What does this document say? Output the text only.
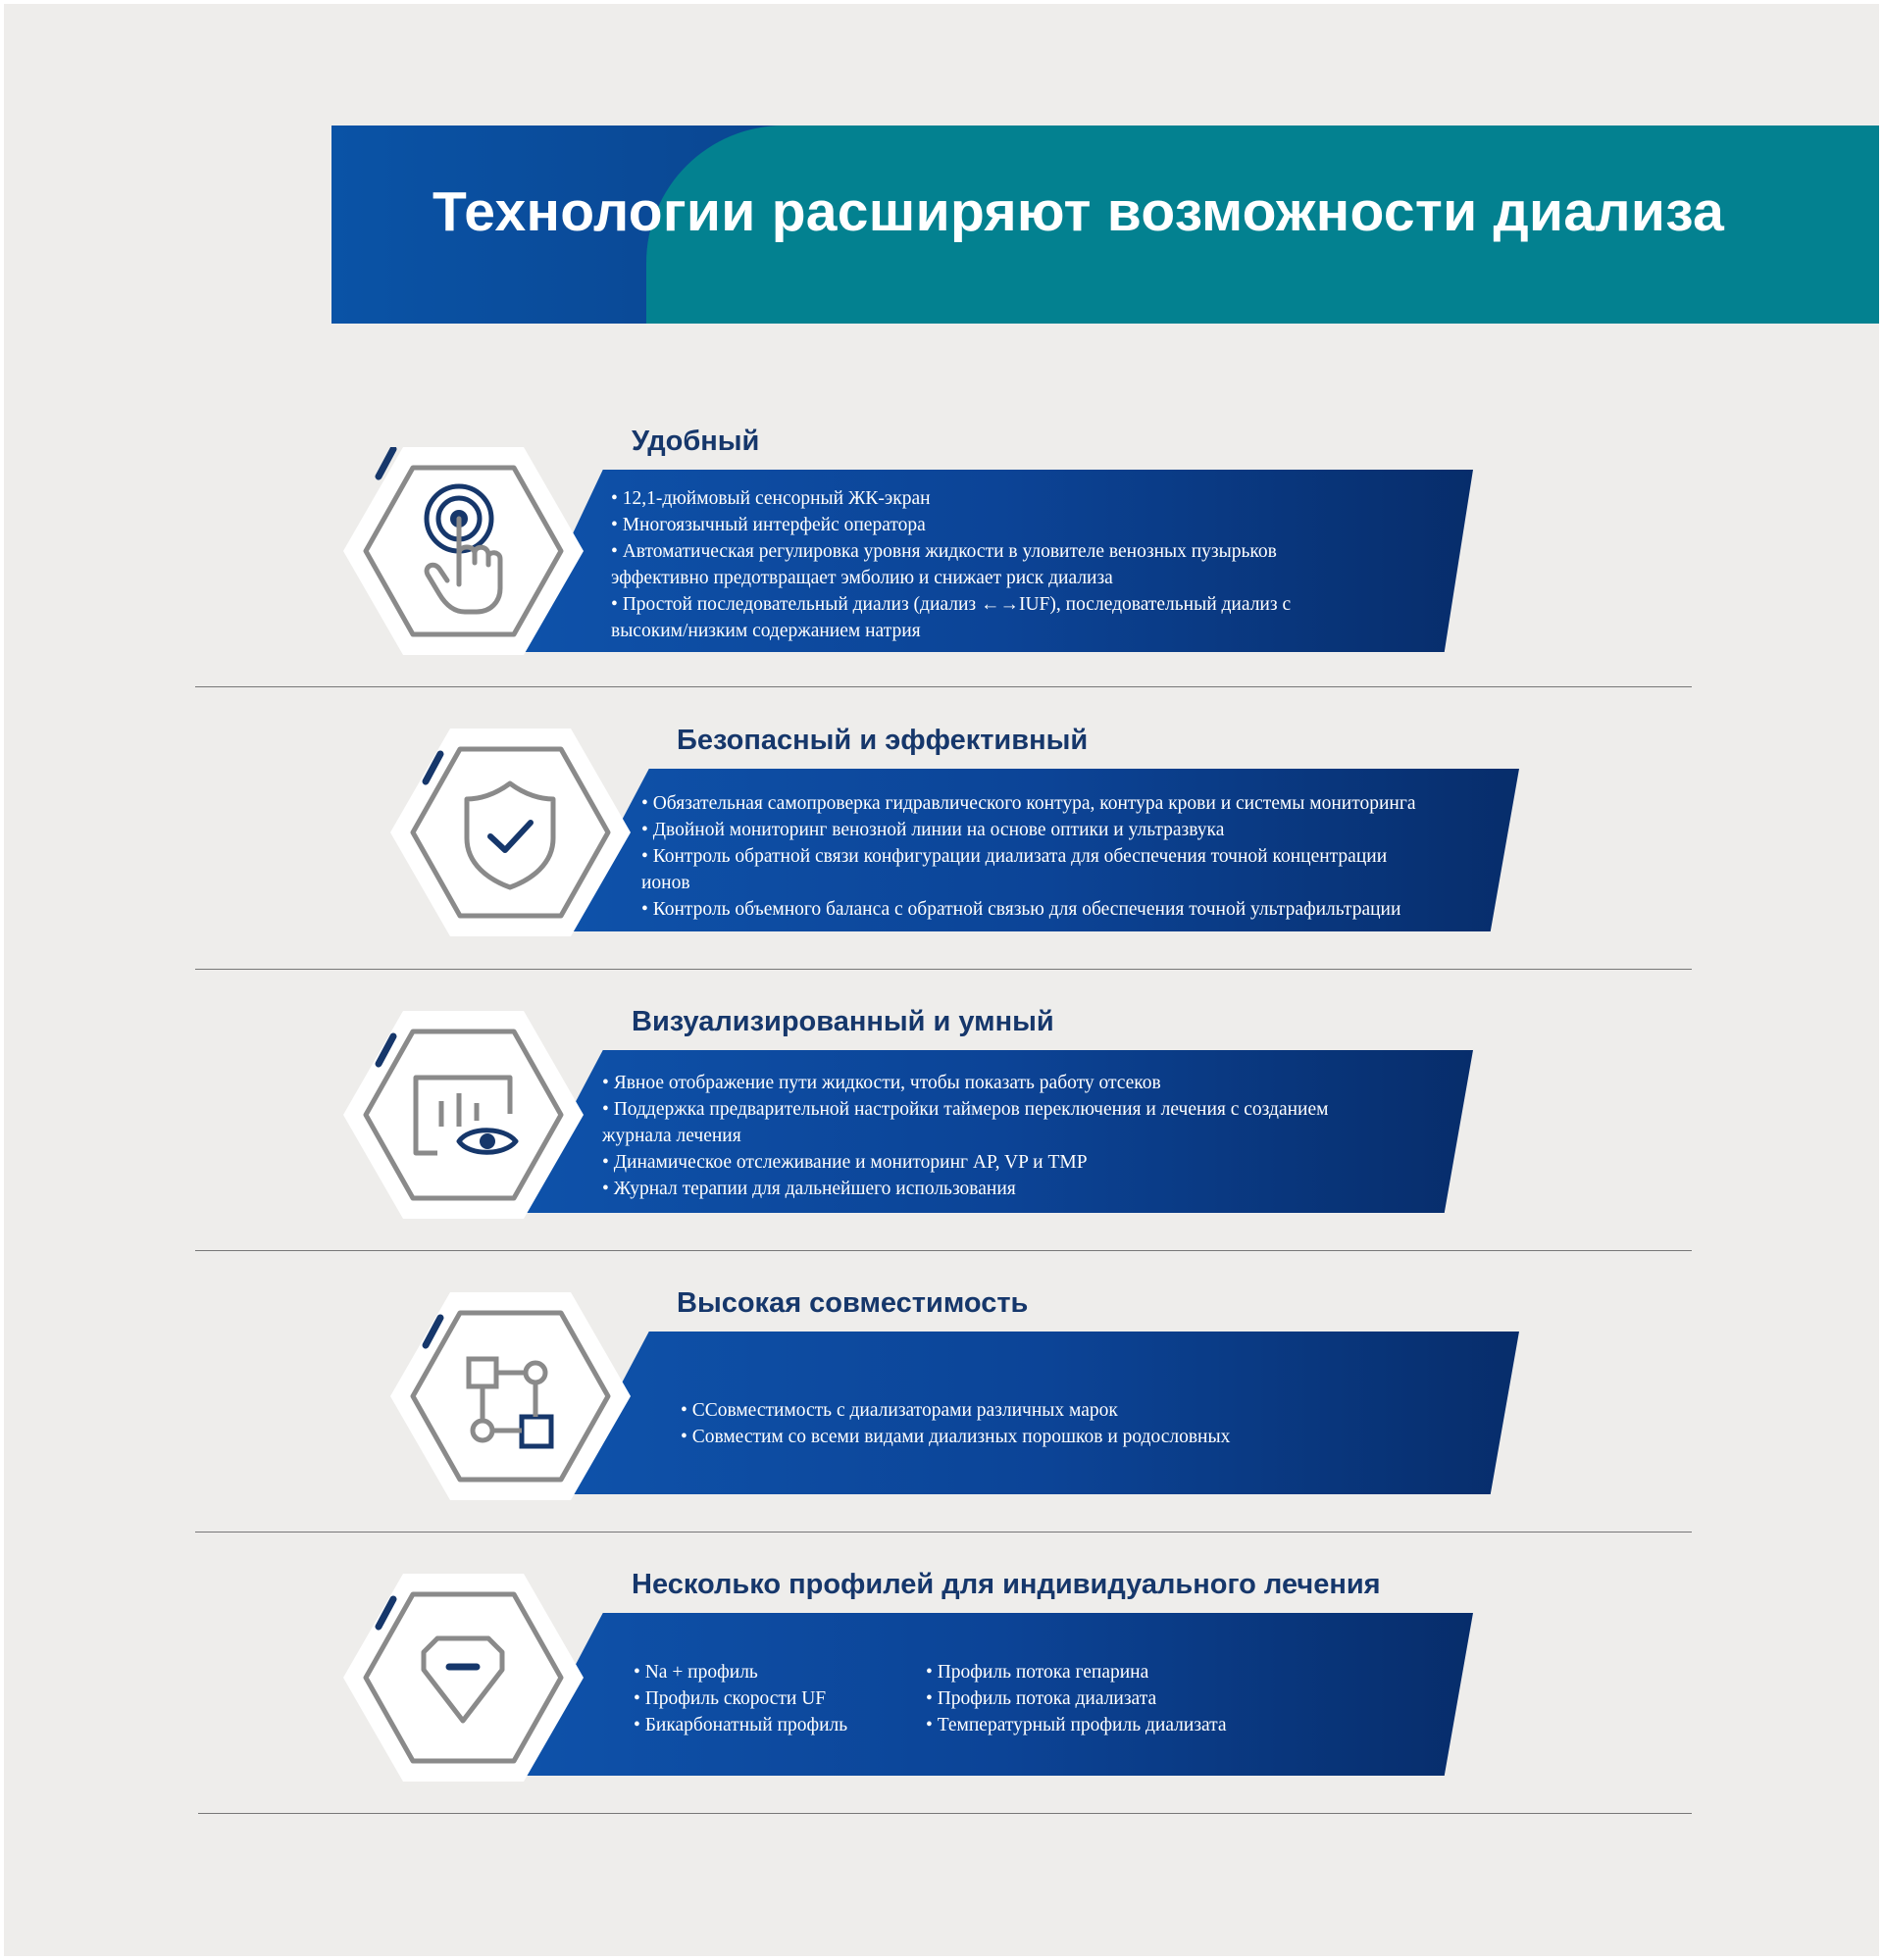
Технологии расширяют возможности диализа
Удобный
• 12,1-дюймовый сенсорный ЖК-экран
• Многоязычный интерфейс оператора
• Автоматическая регулировка уровня жидкости в уловителе венозных пузырьков
эффективно предотвращает эмболию и снижает риск диализа
• Простой последовательный диализ (диализ ←→IUF), последовательный диализ с
высоким/низким содержанием натрия
Безопасный и эффективный
• Обязательная самопроверка гидравлического контура, контура крови и системы мониторинга
• Двойной мониторинг венозной линии на основе оптики и ультразвука
• Контроль обратной связи конфигурации диализата для обеспечения точной концентрации
ионов
• Контроль объемного баланса с обратной связью для обеспечения точной ультрафильтрации
Визуализированный и умный
• Явное отображение пути жидкости, чтобы показать работу отсеков
• Поддержка предварительной настройки таймеров переключения и лечения с созданием
журнала лечения
• Динамическое отслеживание и мониторинг AP, VP и TMP
• Журнал терапии для дальнейшего использования
Высокая совместимость
• ССовместимость с диализаторами различных марок
• Совместим со всеми видами диализных порошков и родословных
Несколько профилей для индивидуального лечения
• Na + профиль
• Профиль скорости UF
• Бикарбонатный профиль
• Профиль потока гепарина
• Профиль потока диализата
• Температурный профиль диализата
